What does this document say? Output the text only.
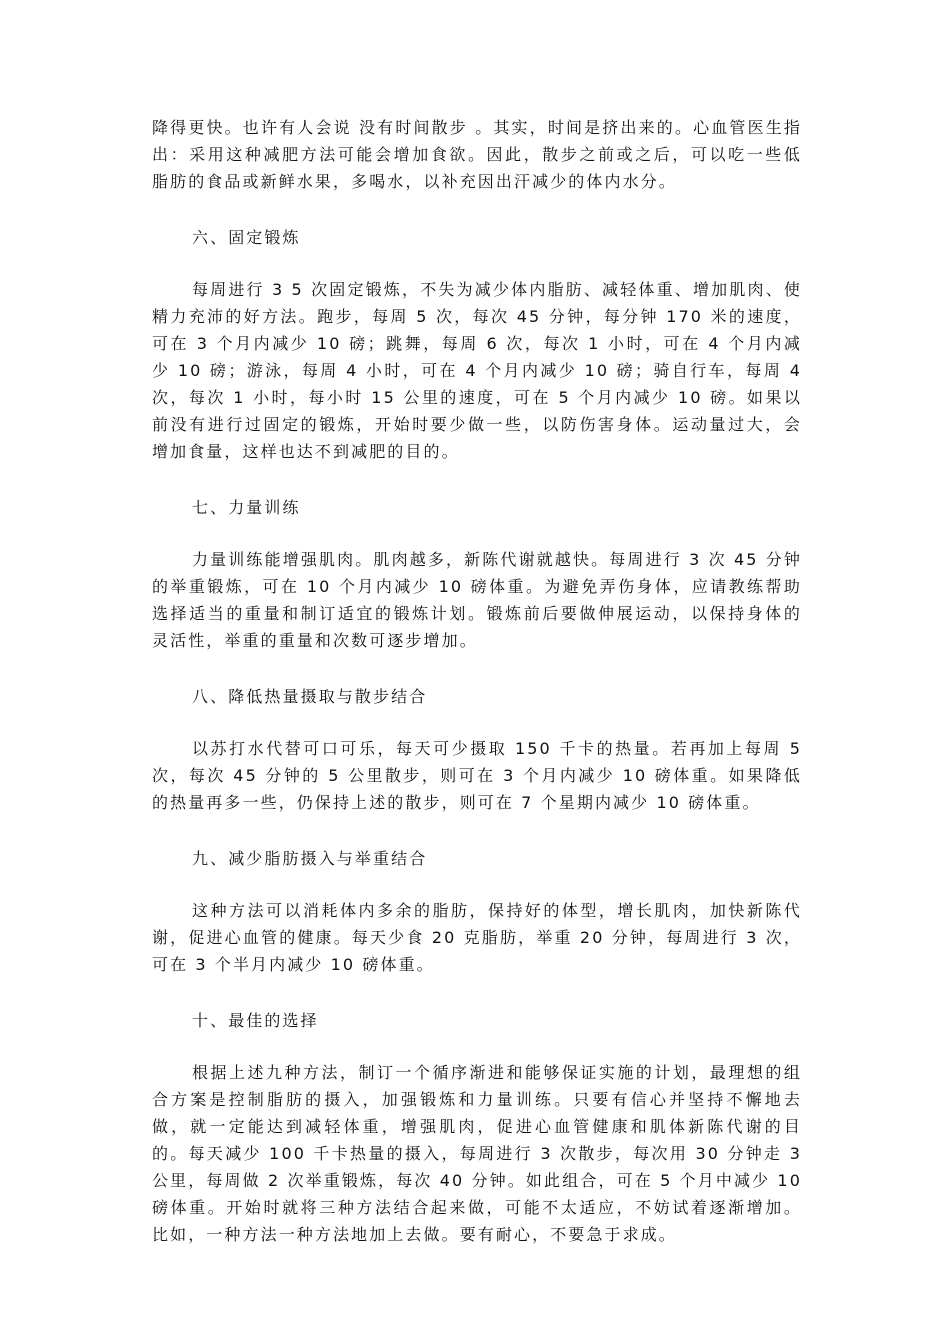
降得更快。也许有人会说 没有时间散步 。其实，时间是挤出来的。心血管医生指出：采用这种减肥方法可能会增加食欲。因此，散步之前或之后，可以吃一些低脂肪的食品或新鲜水果，多喝水，以补充因出汗减少的体内水分。

六、固定锻炼

每周进行 3 5 次固定锻炼，不失为减少体内脂肪、减轻体重、增加肌肉、使精力充沛的好方法。跑步，每周 5 次，每次 45 分钟，每分钟 170 米的速度，可在 3 个月内减少 10 磅；跳舞，每周 6 次，每次 1 小时，可在 4 个月内减少 10 磅；游泳，每周 4 小时，可在 4 个月内减少 10 磅；骑自行车，每周 4 次，每次 1 小时，每小时 15 公里的速度，可在 5 个月内减少 10 磅。如果以前没有进行过固定的锻炼，开始时要少做一些，以防伤害身体。运动量过大，会增加食量，这样也达不到减肥的目的。

七、力量训练

力量训练能增强肌肉。肌肉越多，新陈代谢就越快。每周进行 3 次 45 分钟的举重锻炼，可在 10 个月内减少 10 磅体重。为避免弄伤身体，应请教练帮助选择适当的重量和制订适宜的锻炼计划。锻炼前后要做伸展运动，以保持身体的灵活性，举重的重量和次数可逐步增加。

八、降低热量摄取与散步结合

以苏打水代替可口可乐，每天可少摄取 150 千卡的热量。若再加上每周 5 次，每次 45 分钟的 5 公里散步，则可在 3 个月内减少 10 磅体重。如果降低的热量再多一些，仍保持上述的散步，则可在 7 个星期内减少 10 磅体重。

九、减少脂肪摄入与举重结合

这种方法可以消耗体内多余的脂肪，保持好的体型，增长肌肉，加快新陈代谢，促进心血管的健康。每天少食 20 克脂肪，举重 20 分钟，每周进行 3 次，可在 3 个半月内减少 10 磅体重。

十、最佳的选择

根据上述九种方法，制订一个循序渐进和能够保证实施的计划，最理想的组合方案是控制脂肪的摄入，加强锻炼和力量训练。只要有信心并坚持不懈地去做，就一定能达到减轻体重，增强肌肉，促进心血管健康和肌体新陈代谢的目的。每天减少 100 千卡热量的摄入，每周进行 3 次散步，每次用 30 分钟走 3 公里，每周做 2 次举重锻炼，每次 40 分钟。如此组合，可在 5 个月中减少 10 磅体重。开始时就将三种方法结合起来做，可能不太适应，不妨试着逐渐增加。比如，一种方法一种方法地加上去做。要有耐心，不要急于求成。
